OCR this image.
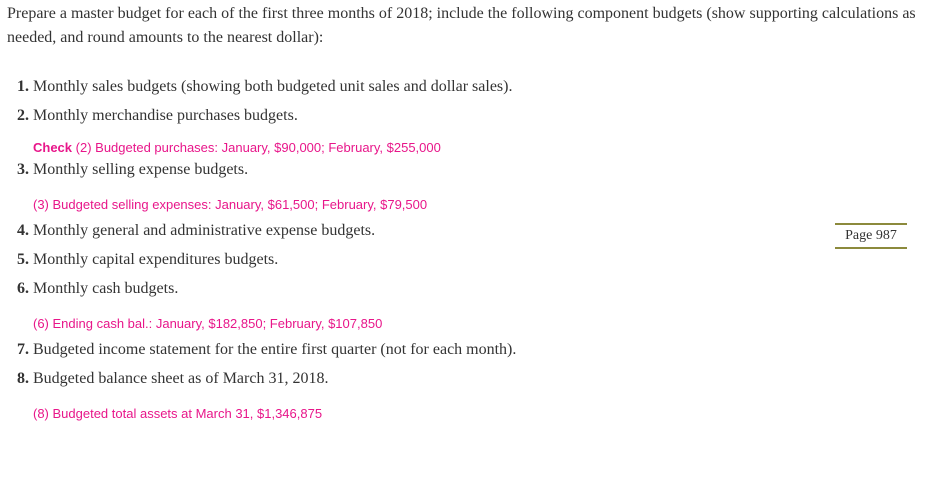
Prepare a master budget for each of the first three months of 2018; include the following component budgets (show supporting calculations as needed, and round amounts to the nearest dollar):
1. Monthly sales budgets (showing both budgeted unit sales and dollar sales).
2. Monthly merchandise purchases budgets.
Check (2) Budgeted purchases: January, $90,000; February, $255,000
3. Monthly selling expense budgets.
(3) Budgeted selling expenses: January, $61,500; February, $79,500
4. Monthly general and administrative expense budgets.
5. Monthly capital expenditures budgets.
6. Monthly cash budgets.
(6) Ending cash bal.: January, $182,850; February, $107,850
7. Budgeted income statement for the entire first quarter (not for each month).
8. Budgeted balance sheet as of March 31, 2018.
(8) Budgeted total assets at March 31, $1,346,875
Page 987
